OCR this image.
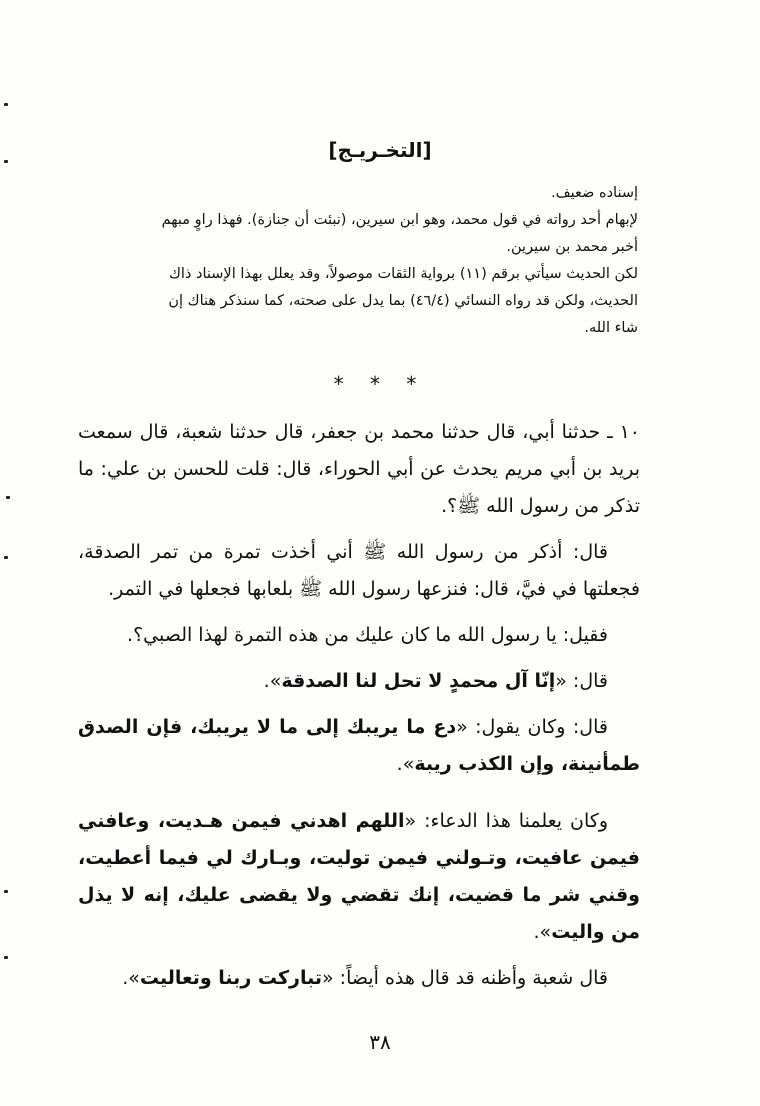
[التخـريـج]

إسناده ضعيف.

لإبهام أحد رواته في قول محمد، وهو ابن سيرين، (نبئت أن جنازة). فهذا راوٍ مبهم

أخبر محمد بن سيرين.

لكن الحديث سيأتي برقم (١١) برواية الثقات موصولاً، وقد يعلل بهذا الإسناد ذاك

الحديث، ولكن قد رواه النسائي (٤٦/٤) بما يدل على صحته، كما سنذكر هناك إن

شاء الله.

* * *

١٠ ـ حدثنا أبي، قال حدثنا محمد بن جعفر، قال حدثنا شعبة، قال سمعت بريد بن أبي مريم يحدث عن أبي الحوراء، قال: قلت للحسن بن علي: ما تذكر من رسول الله ﷺ؟.

قال: أذكر من رسول الله ﷺ أني أخذت تمرة من تمر الصدقة، فجعلتها في فيَّ، قال: فنزعها رسول الله ﷺ بلعابها فجعلها في التمر.

فقيل: يا رسول الله ما كان عليك من هذه التمرة لهذا الصبي؟.

قال: «إنّا آل محمدٍ لا تحل لنا الصدقة».

قال: وكان يقول: «دع ما يريبك إلى ما لا يريبك، فإن الصدق طمأنينة، وإن الكذب ريبة».

وكان يعلمنا هذا الدعاء: «اللهم اهدني فيمن هـديت، وعافني فيمن عافيت، وتـولني فيمن توليت، وبـارك لي فيما أعطيت، وقني شر ما قضيت، إنك تقضي ولا يقضى عليك، إنه لا يذل من واليت».

قال شعبة وأظنه قد قال هذه أيضاً: «تباركت ربنا وتعاليت».

٣٨
